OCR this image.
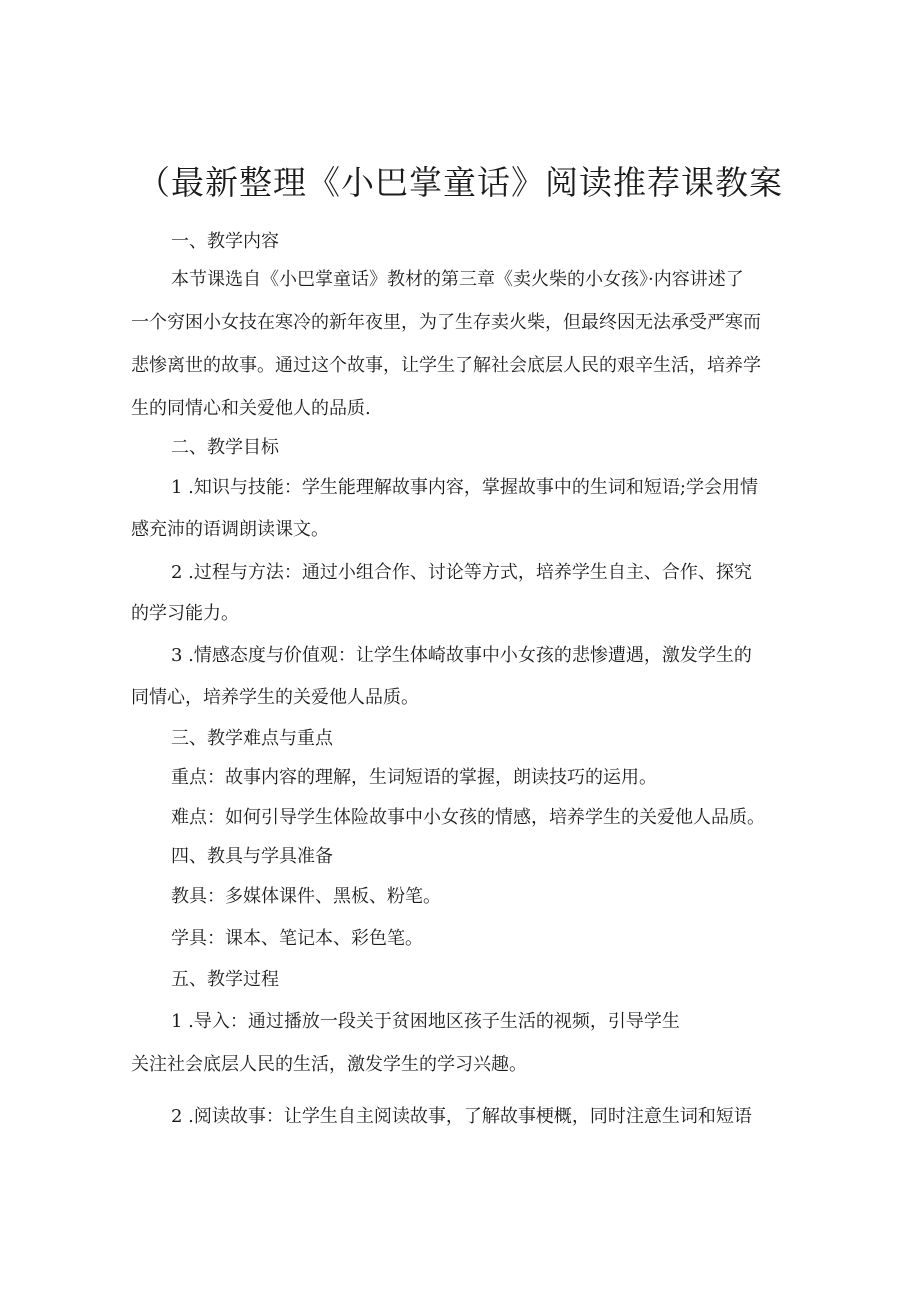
（最新整理《小巴掌童话》阅读推荐课教案
一、教学内容
本节课选自《小巴掌童话》教材的第三章《卖火柴的小女孩》·内容讲述了
一个穷困小女技在寒冷的新年夜里，为了生存卖火柴，但最终因无法承受严寒而
悲惨离世的故事。通过这个故事，让学生了解社会底层人民的艰辛生活，培养学
生的同情心和关爱他人的品质.
二、教学目标
1 .知识与技能：学生能理解故事内容，掌握故事中的生词和短语;学会用情
感充沛的语调朗读课文。
2 .过程与方法：通过小组合作、讨论等方式，培养学生自主、合作、探究
的学习能力。
3 .情感态度与价值观：让学生体崎故事中小女孩的悲惨遭遇，激发学生的
同情心，培养学生的关爱他人品质。
三、教学难点与重点
重点：故事内容的理解，生词短语的掌握，朗读技巧的运用。
难点：如何引导学生体险故事中小女孩的情感，培养学生的关爱他人品质。
四、教具与学具准备
教具：多媒体课件、黑板、粉笔。
学具：课本、笔记本、彩色笔。
五、教学过程
1 .导入：通过播放一段关于贫困地区孩子生活的视频，引导学生
关注社会底层人民的生活，激发学生的学习兴趣。
2 .阅读故事：让学生自主阅读故事，了解故事梗概，同时注意生词和短语
